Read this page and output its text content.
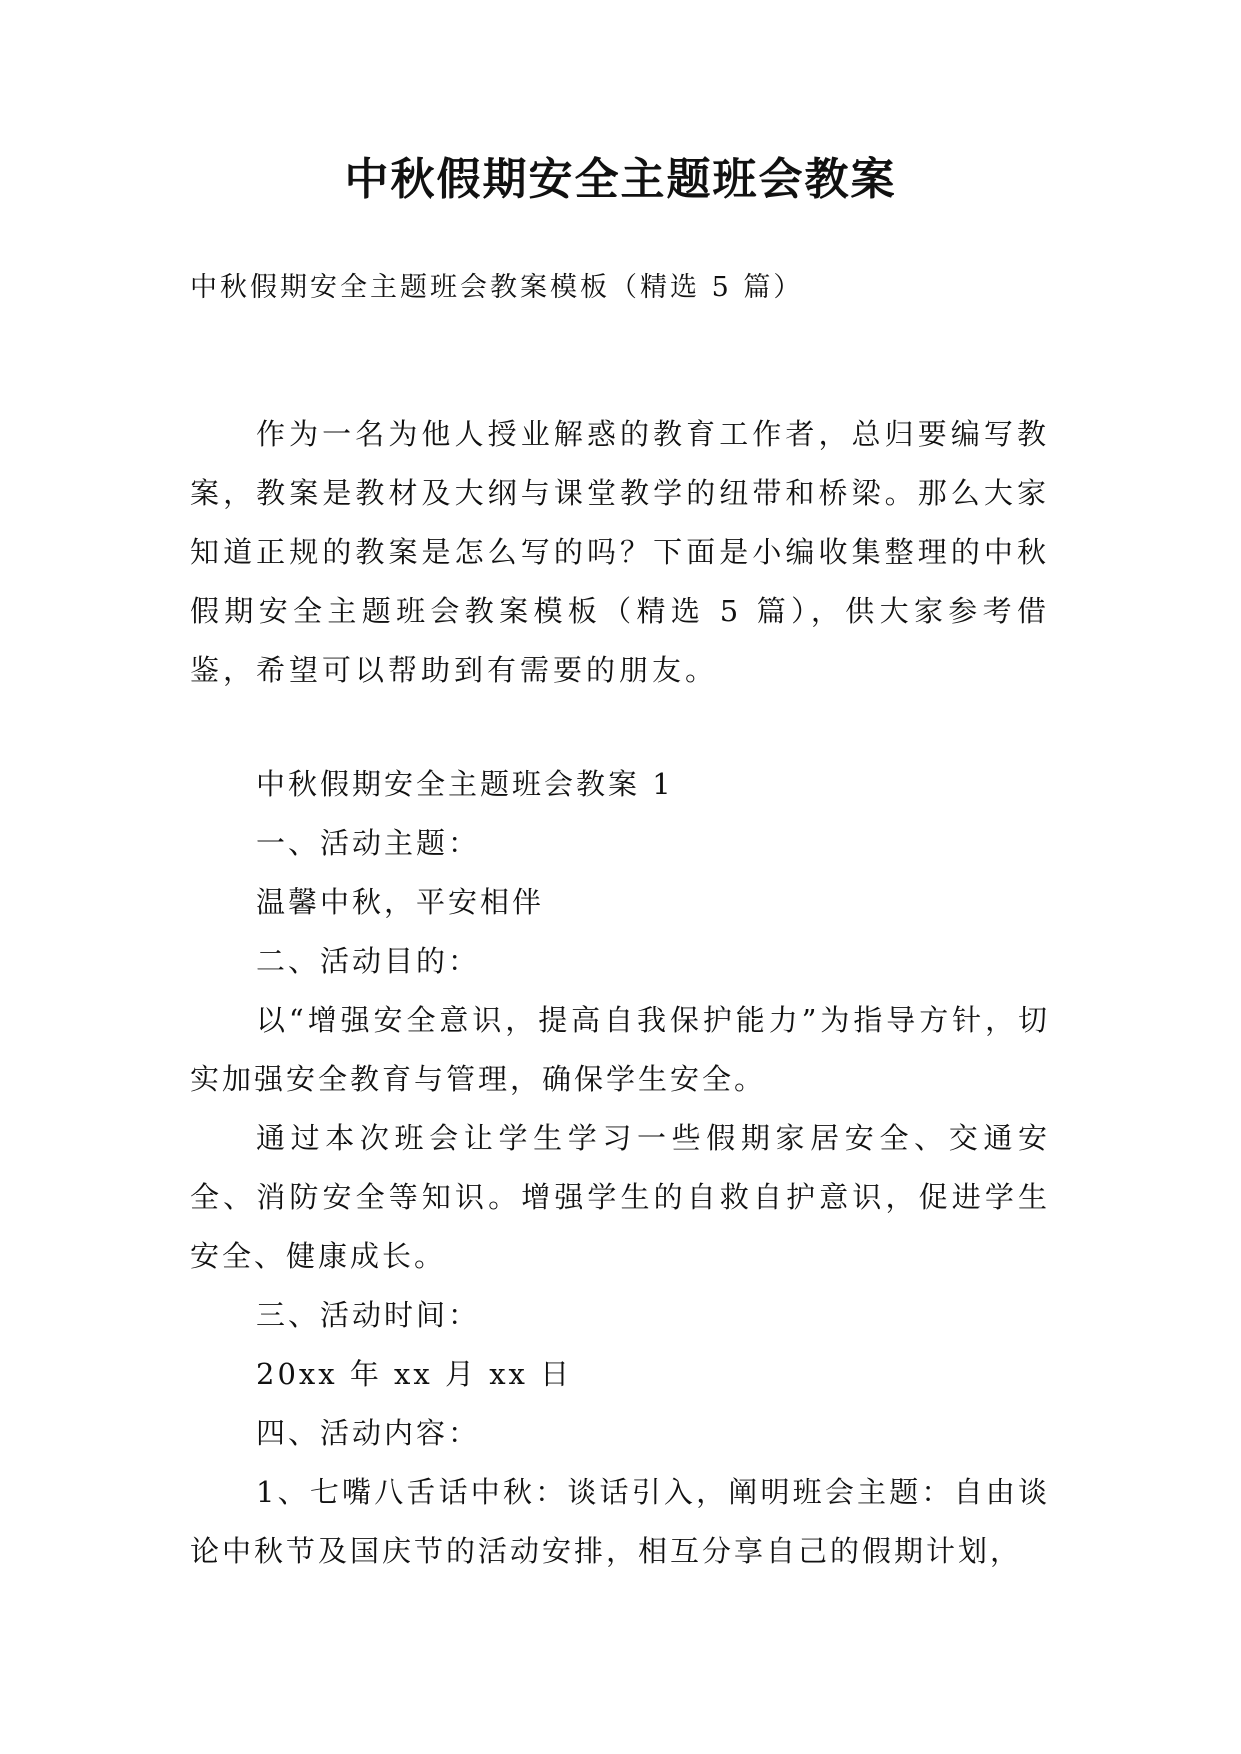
中秋假期安全主题班会教案
中秋假期安全主题班会教案模板（精选 5 篇）

作为一名为他人授业解惑的教育工作者，总归要编写教案，教案是教材及大纲与课堂教学的纽带和桥梁。那么大家知道正规的教案是怎么写的吗？下面是小编收集整理的中秋假期安全主题班会教案模板（精选 5 篇），供大家参考借鉴，希望可以帮助到有需要的朋友。

中秋假期安全主题班会教案 1

一、活动主题：

温馨中秋，平安相伴

二、活动目的：

以“增强安全意识，提高自我保护能力”为指导方针，切实加强安全教育与管理，确保学生安全。

通过本次班会让学生学习一些假期家居安全、交通安全、消防安全等知识。增强学生的自救自护意识，促进学生安全、健康成长。

三、活动时间：

20xx 年 xx 月 xx 日

四、活动内容：

1、七嘴八舌话中秋：谈话引入，阐明班会主题：自由谈论中秋节及国庆节的活动安排，相互分享自己的假期计划，
